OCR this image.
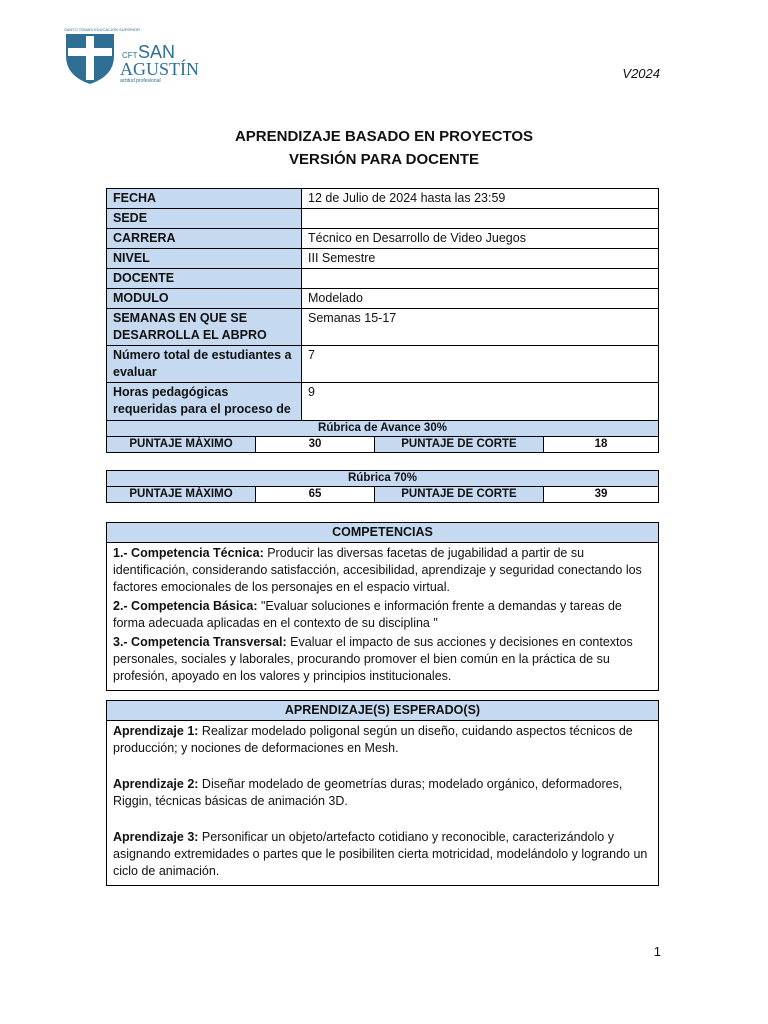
SANTO TOMÁS EDUCACIÓN SUPERIOR
CFT SAN
AGUSTÍN
actitud profesional	V2024
APRENDIZAJE BASADO EN PROYECTOS
VERSIÓN PARA DOCENTE
FECHA	12 de Julio de 2024 hasta las 23:59
SEDE	
CARRERA	Técnico en Desarrollo de Video Juegos
NIVEL	III Semestre
DOCENTE	
MODULO	Modelado
SEMANAS EN QUE SE DESARROLLA EL ABPRO	Semanas 15-17
Número total de estudiantes a evaluar	7
Horas pedagógicas requeridas para el proceso de	9
Rúbrica de Avance 30%
PUNTAJE MÁXIMO	30	PUNTAJE DE CORTE	18
Rúbrica 70%
PUNTAJE MÁXIMO	65	PUNTAJE DE CORTE	39
COMPETENCIAS

1.- Competencia Técnica: Producir las diversas facetas de jugabilidad a partir de su identificación, considerando satisfacción, accesibilidad, aprendizaje y seguridad conectando los factores emocionales de los personajes en el espacio virtual.

2.- Competencia Básica: "Evaluar soluciones e información frente a demandas y tareas de forma adecuada aplicadas en el contexto de su disciplina "

3.- Competencia Transversal: Evaluar el impacto de sus acciones y decisiones en contextos personales, sociales y laborales, procurando promover el bien común en la práctica de su profesión, apoyado en los valores y principios institucionales.

APRENDIZAJE(S) ESPERADO(S)

Aprendizaje 1: Realizar modelado poligonal según un diseño, cuidando aspectos técnicos de producción; y nociones de deformaciones en Mesh.

Aprendizaje 2: Diseñar modelado de geometrías duras; modelado orgánico, deformadores, Riggin, técnicas básicas de animación 3D.

Aprendizaje 3: Personificar un objeto/artefacto cotidiano y reconocible, caracterizándolo y asignando extremidades o partes que le posibiliten cierta motricidad, modelándolo y logrando un ciclo de animación.

1
